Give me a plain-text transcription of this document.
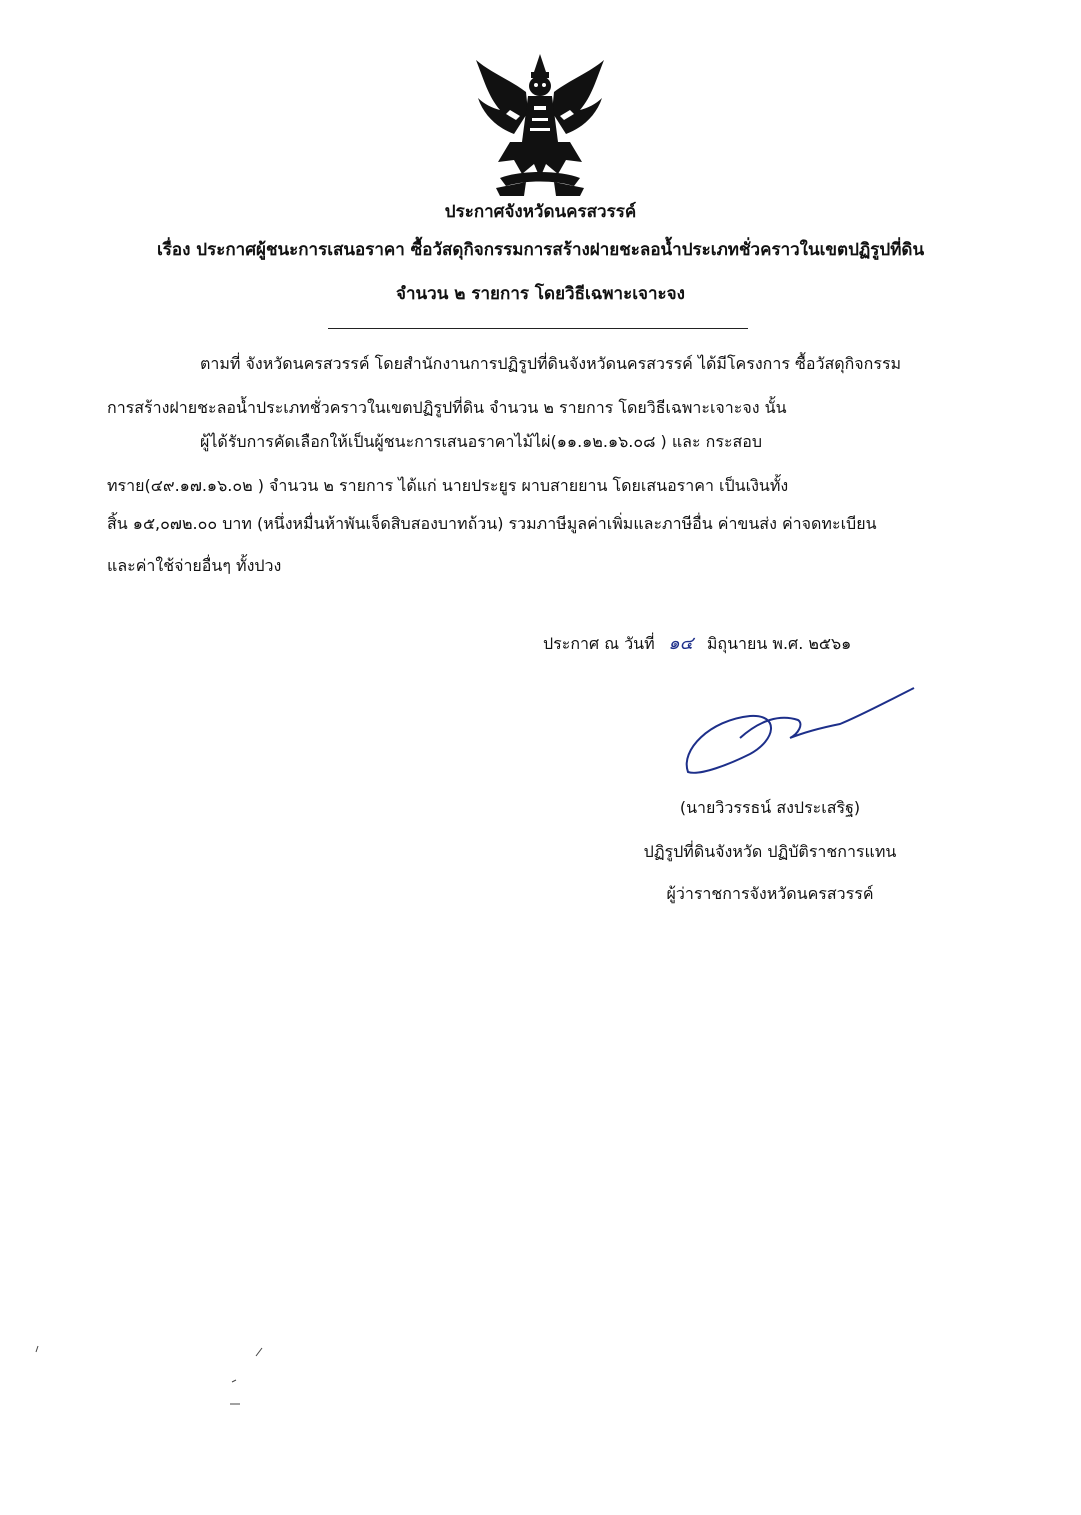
ประกาศจังหวัดนครสวรรค์
เรื่อง ประกาศผู้ชนะการเสนอราคา ซื้อวัสดุกิจกรรมการสร้างฝายชะลอน้ำประเภทชั่วคราวในเขตปฏิรูปที่ดิน
จำนวน ๒ รายการ โดยวิธีเฉพาะเจาะจง
ตามที่ จังหวัดนครสวรรค์ โดยสำนักงานการปฏิรูปที่ดินจังหวัดนครสวรรค์ ได้มีโครงการ ซื้อวัสดุกิจกรรม
การสร้างฝายชะลอน้ำประเภทชั่วคราวในเขตปฏิรูปที่ดิน จำนวน ๒ รายการ โดยวิธีเฉพาะเจาะจง นั้น
ผู้ได้รับการคัดเลือกให้เป็นผู้ชนะการเสนอราคาไม้ไผ่(๑๑.๑๒.๑๖.๐๘ ) และ กระสอบ
ทราย(๔๙.๑๗.๑๖.๐๒ ) จำนวน ๒ รายการ ได้แก่ นายประยูร ผาบสายยาน โดยเสนอราคา เป็นเงินทั้ง
สิ้น ๑๕,๐๗๒.๐๐ บาท (หนึ่งหมื่นห้าพันเจ็ดสิบสองบาทถ้วน) รวมภาษีมูลค่าเพิ่มและภาษีอื่น ค่าขนส่ง ค่าจดทะเบียน
และค่าใช้จ่ายอื่นๆ ทั้งปวง
ประกาศ ณ วันที่ ๑๔ มิถุนายน พ.ศ. ๒๕๖๑
(นายวิวรรธน์ สงประเสริฐ)
ปฏิรูปที่ดินจังหวัด ปฏิบัติราชการแทน
ผู้ว่าราชการจังหวัดนครสวรรค์
